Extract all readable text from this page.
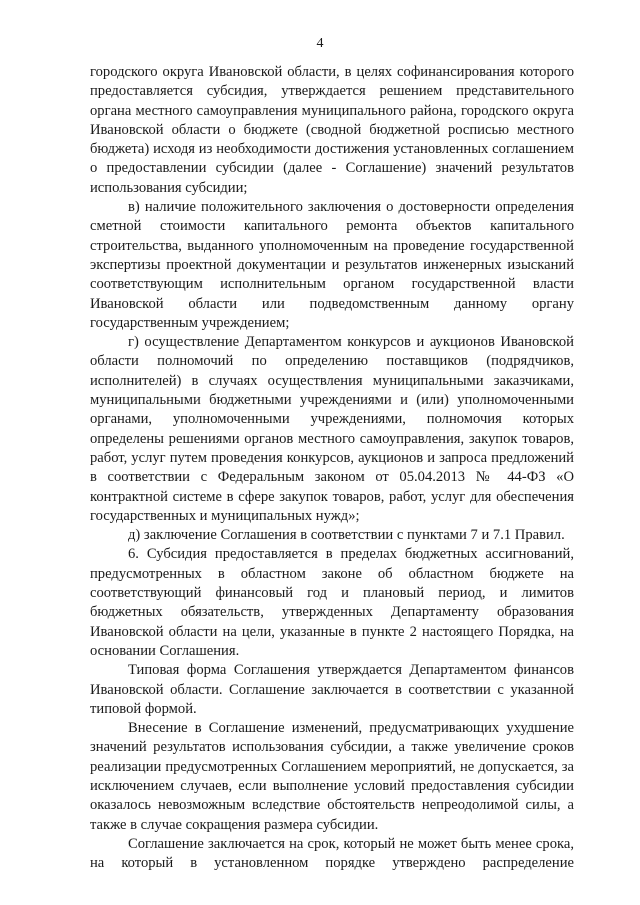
4

городского округа Ивановской области, в целях софинансирования которого предоставляется субсидия, утверждается решением представительного органа местного самоуправления муниципального района, городского округа Ивановской области о бюджете (сводной бюджетной росписью местного бюджета) исходя из необходимости достижения установленных соглашением о предоставлении субсидии (далее - Соглашение) значений результатов использования субсидии;

в) наличие положительного заключения о достоверности определения сметной стоимости капитального ремонта объектов капитального строительства, выданного уполномоченным на проведение государственной экспертизы проектной документации и результатов инженерных изысканий соответствующим исполнительным органом государственной власти Ивановской области или подведомственным данному органу государственным учреждением;

г) осуществление Департаментом конкурсов и аукционов Ивановской области полномочий по определению поставщиков (подрядчиков, исполнителей) в случаях осуществления муниципальными заказчиками, муниципальными бюджетными учреждениями и (или) уполномоченными органами, уполномоченными учреждениями, полномочия которых определены решениями органов местного самоуправления, закупок товаров, работ, услуг путем проведения конкурсов, аукционов и запроса предложений в соответствии с Федеральным законом от 05.04.2013 № 44-ФЗ «О контрактной системе в сфере закупок товаров, работ, услуг для обеспечения государственных и муниципальных нужд»;

д) заключение Соглашения в соответствии с пунктами 7 и 7.1 Правил.

6. Субсидия предоставляется в пределах бюджетных ассигнований, предусмотренных в областном законе об областном бюджете на соответствующий финансовый год и плановый период, и лимитов бюджетных обязательств, утвержденных Департаменту образования Ивановской области на цели, указанные в пункте 2 настоящего Порядка, на основании Соглашения.

Типовая форма Соглашения утверждается Департаментом финансов Ивановской области. Соглашение заключается в соответствии с указанной типовой формой.

Внесение в Соглашение изменений, предусматривающих ухудшение значений результатов использования субсидии, а также увеличение сроков реализации предусмотренных Соглашением мероприятий, не допускается, за исключением случаев, если выполнение условий предоставления субсидии оказалось невозможным вследствие обстоятельств непреодолимой силы, а также в случае сокращения размера субсидии.

Соглашение заключается на срок, который не может быть менее срока, на который в установленном порядке утверждено распределение
